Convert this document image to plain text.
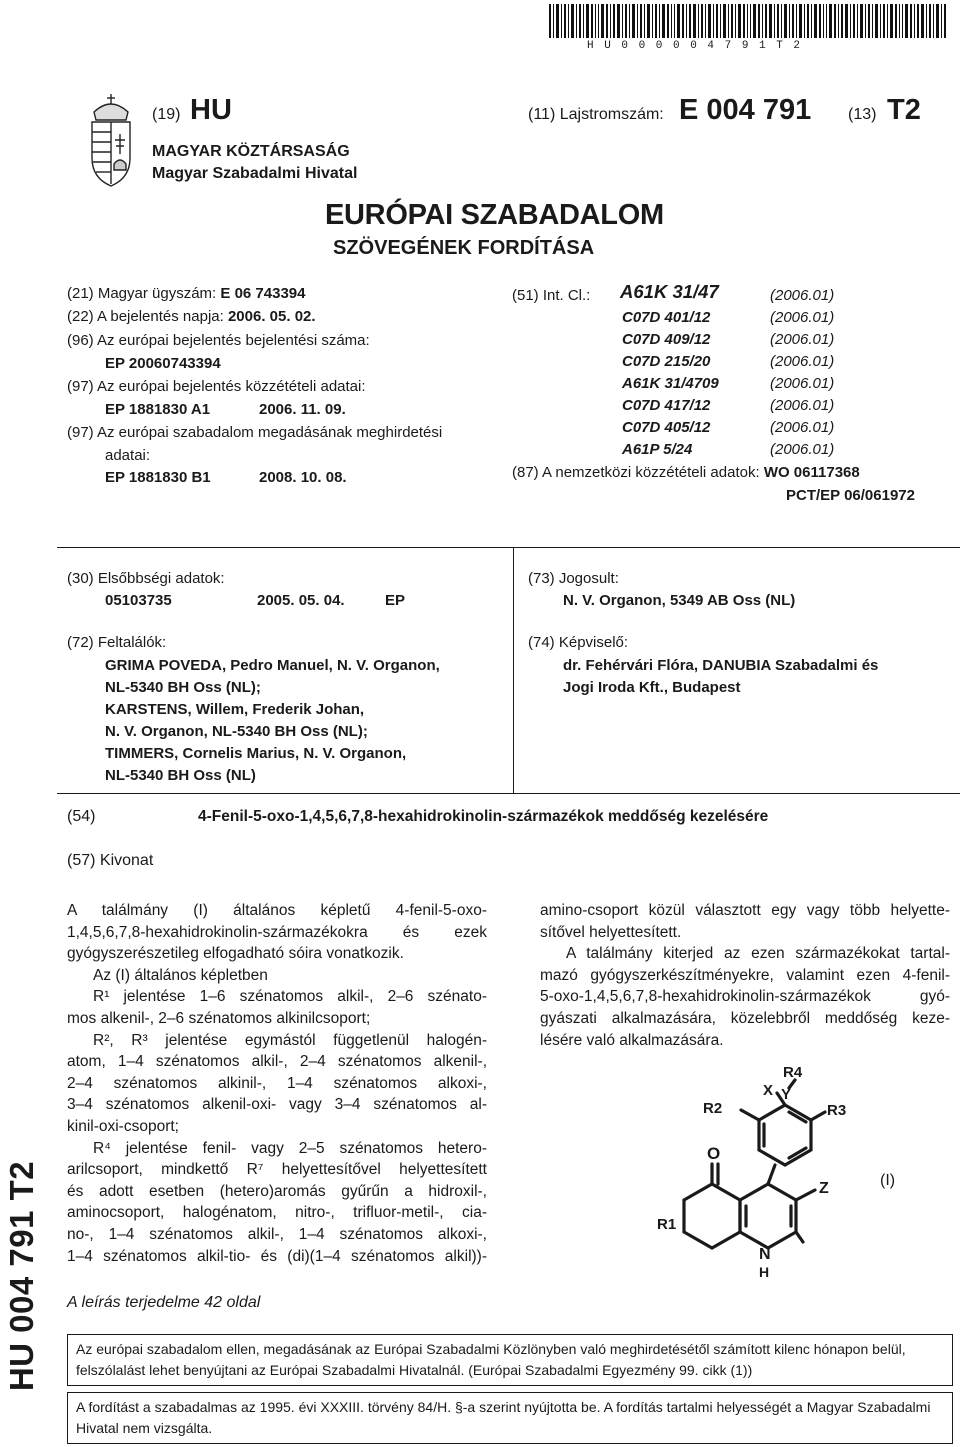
H U 0 0 0 0 0 4 7 9 1 T 2
(19) HU	(11) Lajstromszám: E 004 791 (13) T2
MAGYAR KÖZTÁRSASÁG
Magyar Szabadalmi Hivatal
EURÓPAI SZABADALOM
SZÖVEGÉNEK FORDÍTÁSA
(21) Magyar ügyszám: E 06 743394
(22) A bejelentés napja: 2006. 05. 02.
(96) Az európai bejelentés bejelentési száma:
EP 20060743394
(97) Az európai bejelentés közzétételi adatai:
EP 1881830 A1	2006. 11. 09.
(97) Az európai szabadalom megadásának meghirdetési
adatai:
EP 1881830 B1	2008. 10. 08.
(51) Int. Cl.: A61K 31/47	(2006.01)
C07D 401/12	(2006.01)
C07D 409/12	(2006.01)
C07D 215/20	(2006.01)
A61K 31/4709	(2006.01)
C07D 417/12	(2006.01)
C07D 405/12	(2006.01)
A61P 5/24	(2006.01)
(87) A nemzetközi közzétételi adatok: WO 06117368
PCT/EP 06/061972
(30) Elsőbbségi adatok:
05103735	2005. 05. 04.	EP
(72) Feltalálók:
GRIMA POVEDA, Pedro Manuel, N. V. Organon,
NL-5340 BH Oss (NL);
KARSTENS, Willem, Frederik Johan,
N. V. Organon, NL-5340 BH Oss (NL);
TIMMERS, Cornelis Marius, N. V. Organon,
NL-5340 BH Oss (NL)
(73) Jogosult:
N. V. Organon, 5349 AB Oss (NL)
(74) Képviselő:
dr. Fehérvári Flóra, DANUBIA Szabadalmi és
Jogi Iroda Kft., Budapest
(54)	4-Fenil-5-oxo-1,4,5,6,7,8-hexahidrokinolin-származékok meddőség kezelésére
(57) Kivonat
HU 004 791 T2
A találmány (I) általános képletű 4-fenil-5-oxo-
1,4,5,6,7,8-hexahidrokinolin-származékokra és ezek
gyógyszerészetileg elfogadható sóira vonatkozik.
Az (I) általános képletben
R¹ jelentése 1–6 szénatomos alkil-, 2–6 szénato-
mos alkenil-, 2–6 szénatomos alkinilcsoport;
R², R³ jelentése egymástól függetlenül halogén-
atom, 1–4 szénatomos alkil-, 2–4 szénatomos alkenil-,
2–4 szénatomos alkinil-, 1–4 szénatomos alkoxi-,
3–4 szénatomos alkenil-oxi- vagy 3–4 szénatomos al-
kinil-oxi-csoport;
R⁴ jelentése fenil- vagy 2–5 szénatomos hetero-
arilcsoport, mindkettő R⁷ helyettesítővel helyettesített
és adott esetben (hetero)aromás gyűrűn a hidroxil-,
aminocsoport, halogénatom, nitro-, trifluor-metil-, cia-
no-, 1–4 szénatomos alkil-, 1–4 szénatomos alkoxi-,
1–4 szénatomos alkil-tio- és (di)(1–4 szénatomos alkil))-
A leírás terjedelme 42 oldal
amino-csoport közül választott egy vagy több helyette-
sítővel helyettesített.
A találmány kiterjed az ezen származékokat tartal-
mazó gyógyszerkészítményekre, valamint ezen 4-fenil-
5-oxo-1,4,5,6,7,8-hexahidrokinolin-származékok gyó-
gyászati alkalmazására, közelebbről meddőség keze-
lésére való alkalmazására.
R4
X Y
R2	R3
O
Z
R1
N
H
(I)
Az európai szabadalom ellen, megadásának az Európai Szabadalmi Közlönyben való meghirdetésétől számított kilenc hónapon belül, felszólalást lehet benyújtani az Európai Szabadalmi Hivatalnál. (Európai Szabadalmi Egyezmény 99. cikk (1))
A fordítást a szabadalmas az 1995. évi XXXIII. törvény 84/H. §-a szerint nyújtotta be. A fordítás tartalmi helyességét a Magyar Szabadalmi Hivatal nem vizsgálta.
